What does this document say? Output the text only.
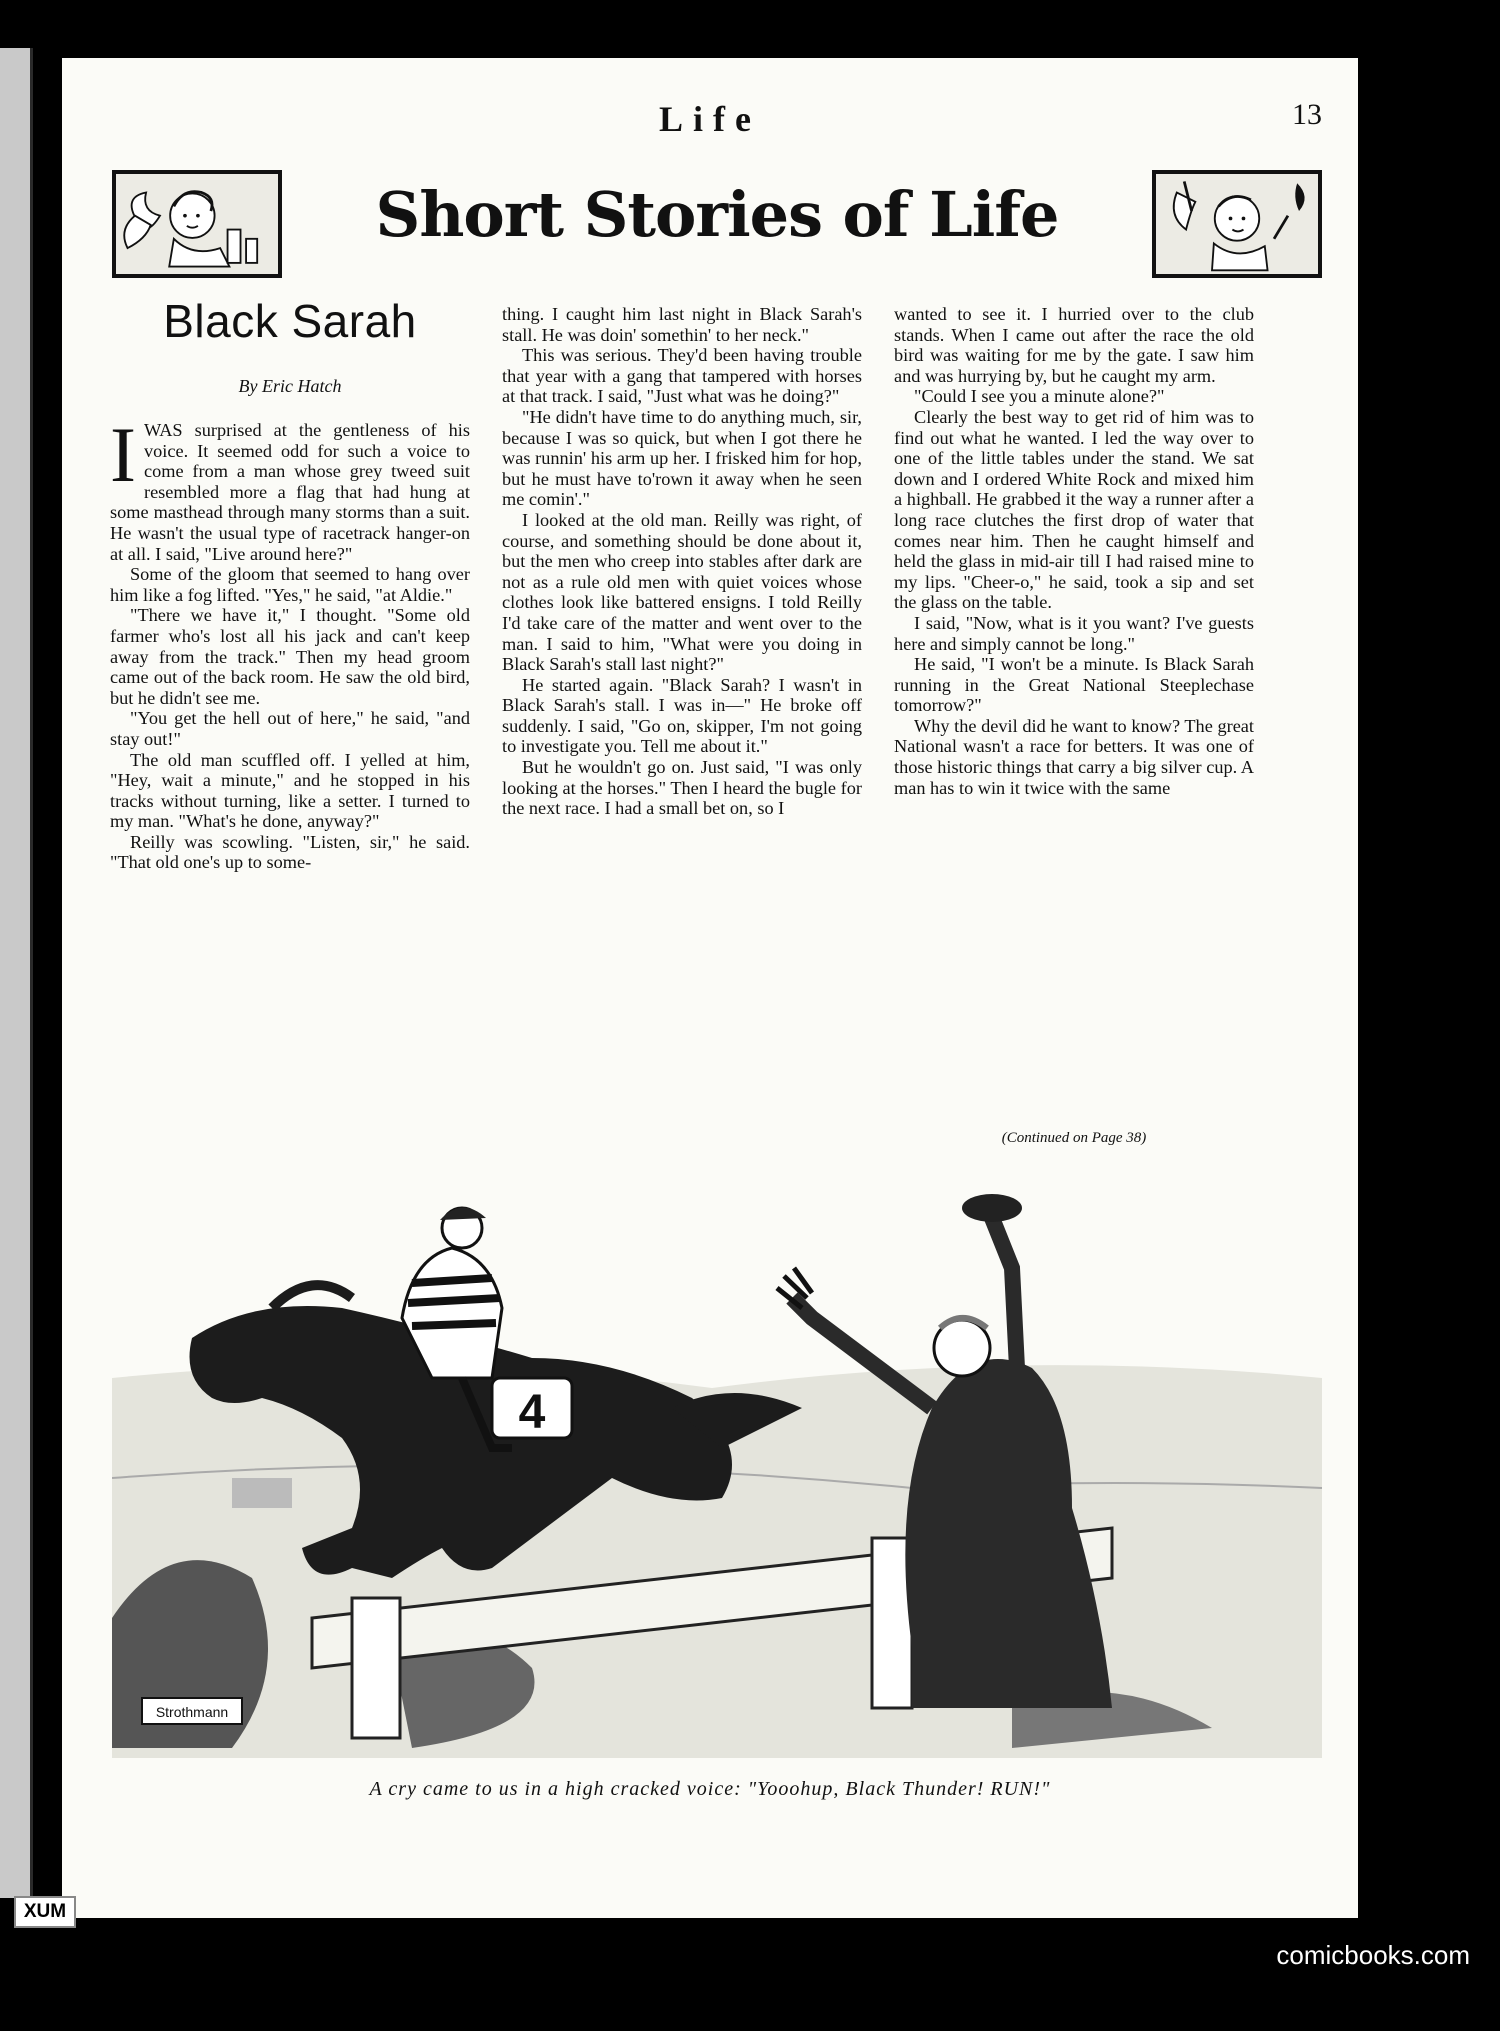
Life	13
Short Stories of Life
Black Sarah
By Eric Hatch

IWAS surprised at the gentleness of his voice. It seemed odd for such a voice to come from a man whose grey tweed suit resembled more a flag that had hung at some masthead through many storms than a suit. He wasn't the usual type of racetrack hanger-on at all. I said, "Live around here?"

Some of the gloom that seemed to hang over him like a fog lifted. "Yes," he said, "at Aldie."

"There we have it," I thought. "Some old farmer who's lost all his jack and can't keep away from the track." Then my head groom came out of the back room. He saw the old bird, but he didn't see me.

"You get the hell out of here," he said, "and stay out!"

The old man scuffled off. I yelled at him, "Hey, wait a minute," and he stopped in his tracks without turning, like a setter. I turned to my man. "What's he done, anyway?"

Reilly was scowling. "Listen, sir," he said. "That old one's up to some-

thing. I caught him last night in Black Sarah's stall. He was doin' somethin' to her neck."

This was serious. They'd been having trouble that year with a gang that tampered with horses at that track. I said, "Just what was he doing?"

"He didn't have time to do anything much, sir, because I was so quick, but when I got there he was runnin' his arm up her. I frisked him for hop, but he must have to'rown it away when he seen me comin'."

I looked at the old man. Reilly was right, of course, and something should be done about it, but the men who creep into stables after dark are not as a rule old men with quiet voices whose clothes look like battered ensigns. I told Reilly I'd take care of the matter and went over to the man. I said to him, "What were you doing in Black Sarah's stall last night?"

He started again. "Black Sarah? I wasn't in Black Sarah's stall. I was in—" He broke off suddenly. I said, "Go on, skipper, I'm not going to investigate you. Tell me about it."

But he wouldn't go on. Just said, "I was only looking at the horses." Then I heard the bugle for the next race. I had a small bet on, so I

wanted to see it. I hurried over to the club stands. When I came out after the race the old bird was waiting for me by the gate. I saw him and was hurrying by, but he caught my arm.

"Could I see you a minute alone?"

Clearly the best way to get rid of him was to find out what he wanted. I led the way over to one of the little tables under the stand. We sat down and I ordered White Rock and mixed him a highball. He grabbed it the way a runner after a long race clutches the first drop of water that comes near him. Then he caught himself and held the glass in mid-air till I had raised mine to my lips. "Cheer-o," he said, took a sip and set the glass on the table.

I said, "Now, what is it you want? I've guests here and simply cannot be long."

He said, "I won't be a minute. Is Black Sarah running in the Great National Steeplechase tomorrow?"

Why the devil did he want to know? The great National wasn't a race for betters. It was one of those historic things that carry a big silver cup. A man has to win it twice with the same

(Continued on Page 38)
4
Strothmann
A cry came to us in a high cracked voice: "Yooohup, Black Thunder! RUN!"
XUM
comicbooks.com
